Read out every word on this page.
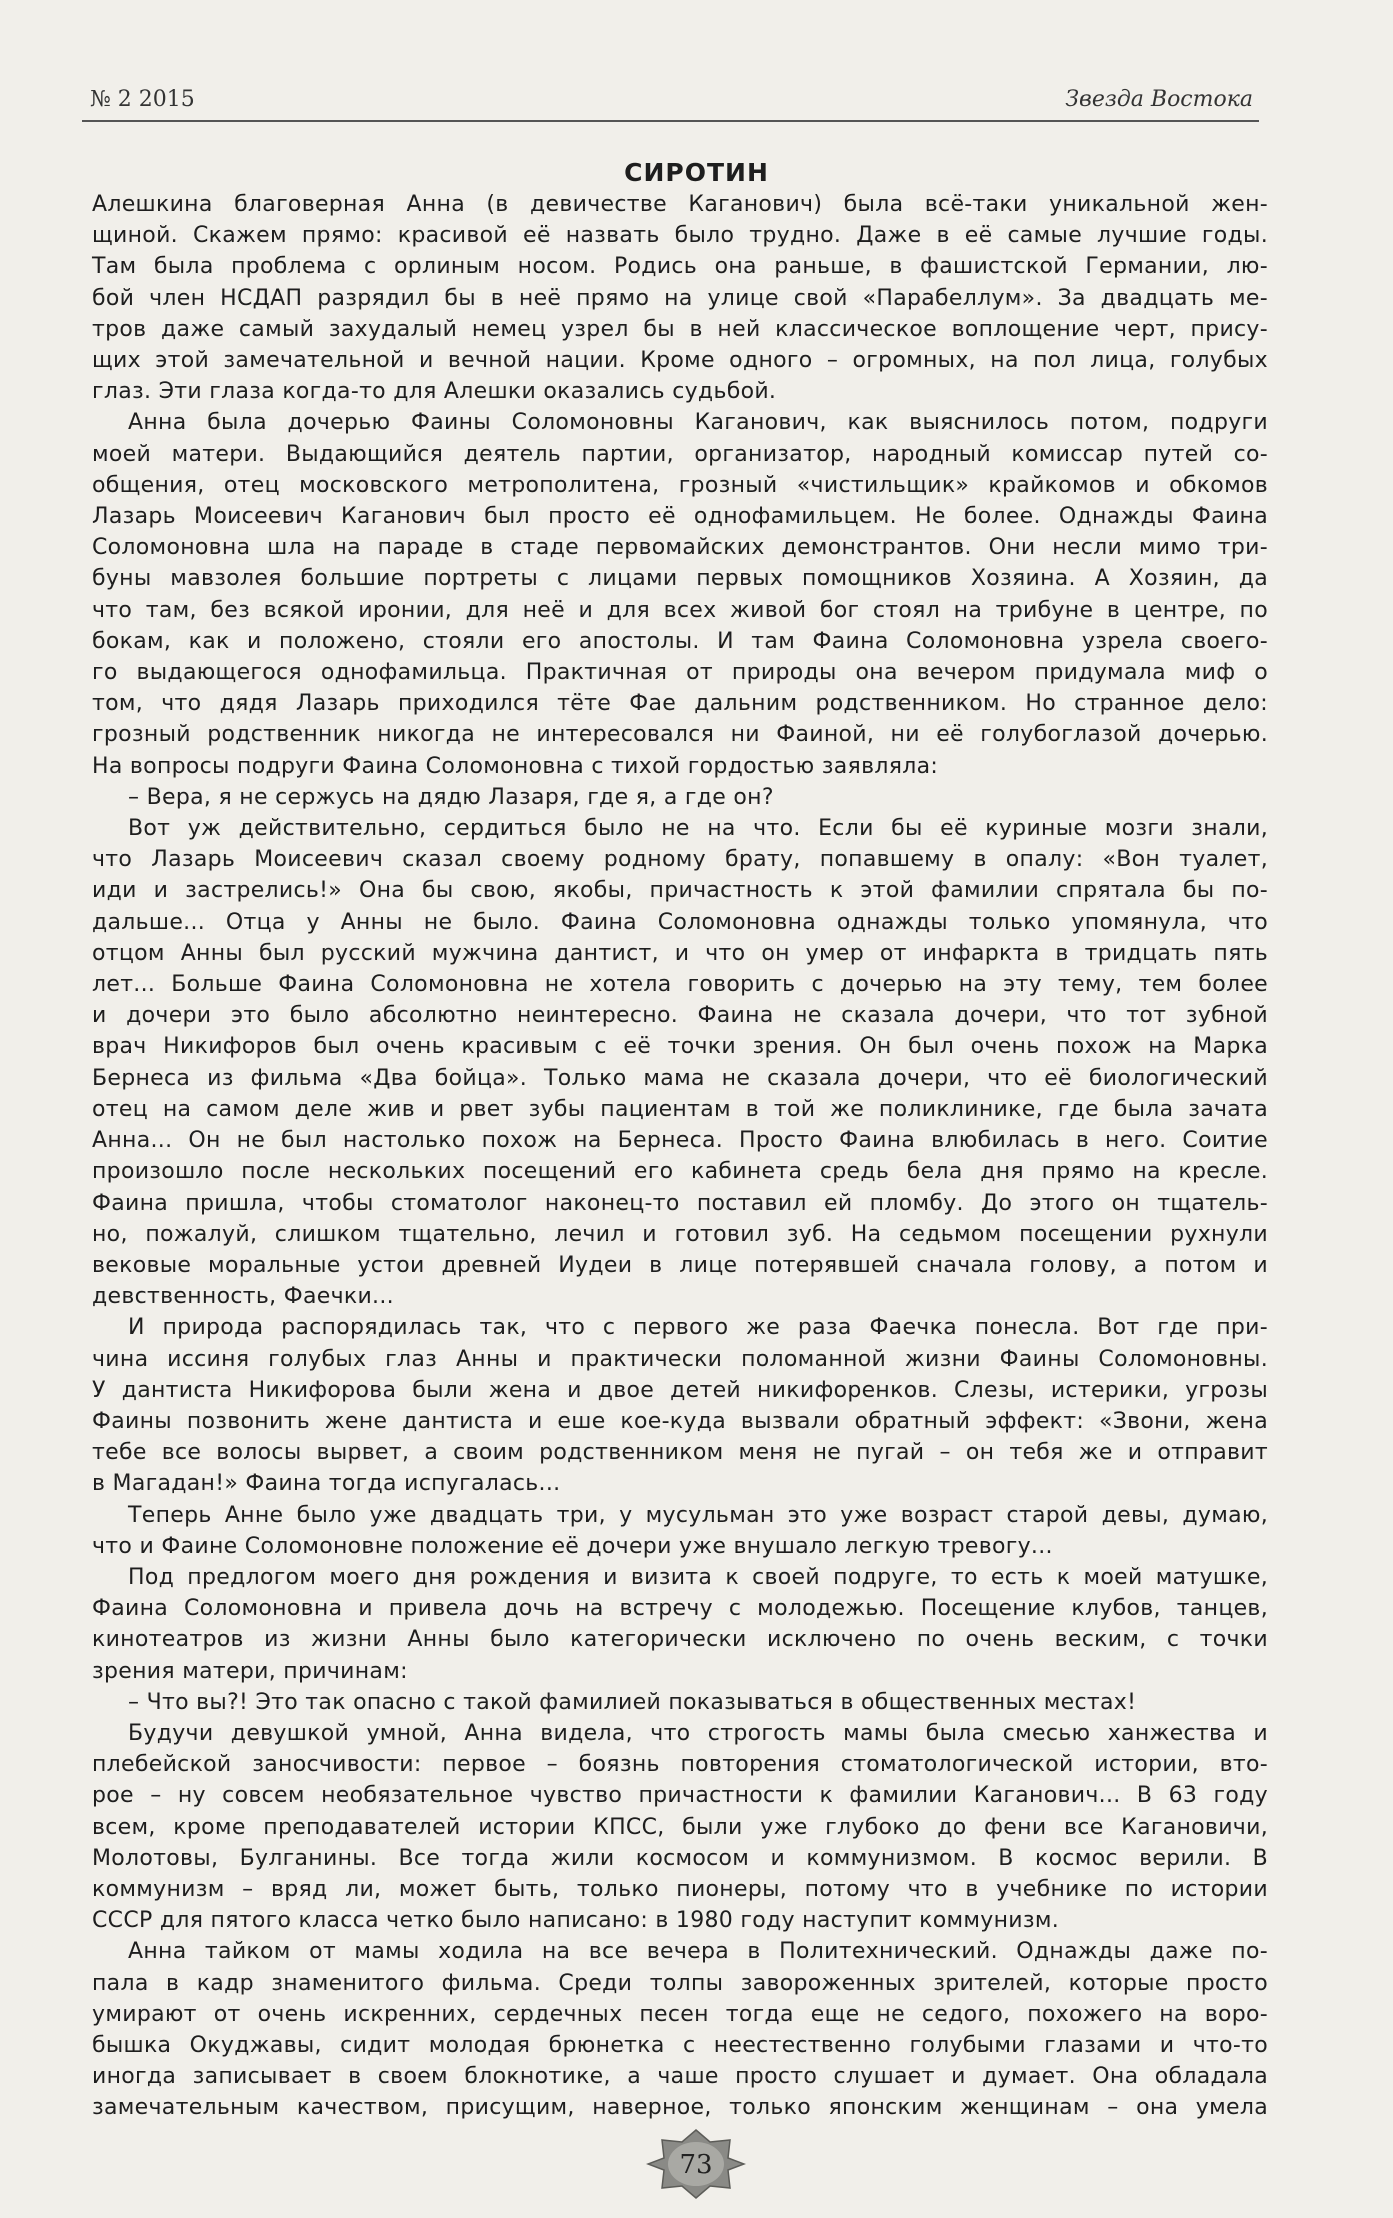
№ 2 2015	Звезда Востока
СИРОТИН
Алешкина благоверная Анна (в девичестве Каганович) была всё-таки уникальной жен-
щиной. Скажем прямо: красивой её назвать было трудно. Даже в её самые лучшие годы.
Там была проблема с орлиным носом. Родись она раньше, в фашистской Германии, лю-
бой член НСДАП разрядил бы в неё прямо на улице свой «Парабеллум». За двадцать ме-
тров даже самый захудалый немец узрел бы в ней классическое воплощение черт, прису-
щих этой замечательной и вечной нации. Кроме одного – огромных, на пол лица, голубых
глаз. Эти глаза когда-то для Алешки оказались судьбой.
Анна была дочерью Фаины Соломоновны Каганович, как выяснилось потом, подруги
моей матери. Выдающийся деятель партии, организатор, народный комиссар путей со-
общения, отец московского метрополитена, грозный «чистильщик» крайкомов и обкомов
Лазарь Моисеевич Каганович был просто её однофамильцем. Не более. Однажды Фаина
Соломоновна шла на параде в стаде первомайских демонстрантов. Они несли мимо три-
буны мавзолея большие портреты с лицами первых помощников Хозяина. А Хозяин, да
что там, без всякой иронии, для неё и для всех живой бог стоял на трибуне в центре, по
бокам, как и положено, стояли его апостолы. И там Фаина Соломоновна узрела своего-
го выдающегося однофамильца. Практичная от природы она вечером придумала миф о
том, что дядя Лазарь приходился тёте Фае дальним родственником. Но странное дело:
грозный родственник никогда не интересовался ни Фаиной, ни её голубоглазой дочерью.
На вопросы подруги Фаина Соломоновна с тихой гордостью заявляла:
– Вера, я не сержусь на дядю Лазаря, где я, а где он?
Вот уж действительно, сердиться было не на что. Если бы её куриные мозги знали,
что Лазарь Моисеевич сказал своему родному брату, попавшему в опалу: «Вон туалет,
иди и застрелись!» Она бы свою, якобы, причастность к этой фамилии спрятала бы по-
дальше... Отца у Анны не было. Фаина Соломоновна однажды только упомянула, что
отцом Анны был русский мужчина дантист, и что он умер от инфаркта в тридцать пять
лет... Больше Фаина Соломоновна не хотела говорить с дочерью на эту тему, тем более
и дочери это было абсолютно неинтересно. Фаина не сказала дочери, что тот зубной
врач Никифоров был очень красивым с её точки зрения. Он был очень похож на Марка
Бернеса из фильма «Два бойца». Только мама не сказала дочери, что её биологический
отец на самом деле жив и рвет зубы пациентам в той же поликлинике, где была зачата
Анна... Он не был настолько похож на Бернеса. Просто Фаина влюбилась в него. Соитие
произошло после нескольких посещений его кабинета средь бела дня прямо на кресле.
Фаина пришла, чтобы стоматолог наконец-то поставил ей пломбу. До этого он тщатель-
но, пожалуй, слишком тщательно, лечил и готовил зуб. На седьмом посещении рухнули
вековые моральные устои древней Иудеи в лице потерявшей сначала голову, а потом и
девственность, Фаечки...
И природа распорядилась так, что с первого же раза Фаечка понесла. Вот где при-
чина иссиня голубых глаз Анны и практически поломанной жизни Фаины Соломоновны.
У дантиста Никифорова были жена и двое детей никифоренков. Слезы, истерики, угрозы
Фаины позвонить жене дантиста и еше кое-куда вызвали обратный эффект: «Звони, жена
тебе все волосы вырвет, а своим родственником меня не пугай – он тебя же и отправит
в Магадан!» Фаина тогда испугалась...
Теперь Анне было уже двадцать три, у мусульман это уже возраст старой девы, думаю,
что и Фаине Соломоновне положение её дочери уже внушало легкую тревогу...
Под предлогом моего дня рождения и визита к своей подруге, то есть к моей матушке,
Фаина Соломоновна и привела дочь на встречу с молодежью. Посещение клубов, танцев,
кинотеатров из жизни Анны было категорически исключено по очень веским, с точки
зрения матери, причинам:
– Что вы?! Это так опасно с такой фамилией показываться в общественных местах!
Будучи девушкой умной, Анна видела, что строгость мамы была смесью ханжества и
плебейской заносчивости: первое – боязнь повторения стоматологической истории, вто-
рое – ну совсем необязательное чувство причастности к фамилии Каганович... В 63 году
всем, кроме преподавателей истории КПСС, были уже глубоко до фени все Кагановичи,
Молотовы, Булганины. Все тогда жили космосом и коммунизмом. В космос верили. В
коммунизм – вряд ли, может быть, только пионеры, потому что в учебнике по истории
СССР для пятого класса четко было написано: в 1980 году наступит коммунизм.
Анна тайком от мамы ходила на все вечера в Политехнический. Однажды даже по-
пала в кадр знаменитого фильма. Среди толпы завороженных зрителей, которые просто
умирают от очень искренних, сердечных песен тогда еще не седого, похожего на воро-
бышка Окуджавы, сидит молодая брюнетка с неестественно голубыми глазами и что-то
иногда записывает в своем блокнотике, а чаше просто слушает и думает. Она обладала
замечательным качеством, присущим, наверное, только японским женщинам – она умела
73
